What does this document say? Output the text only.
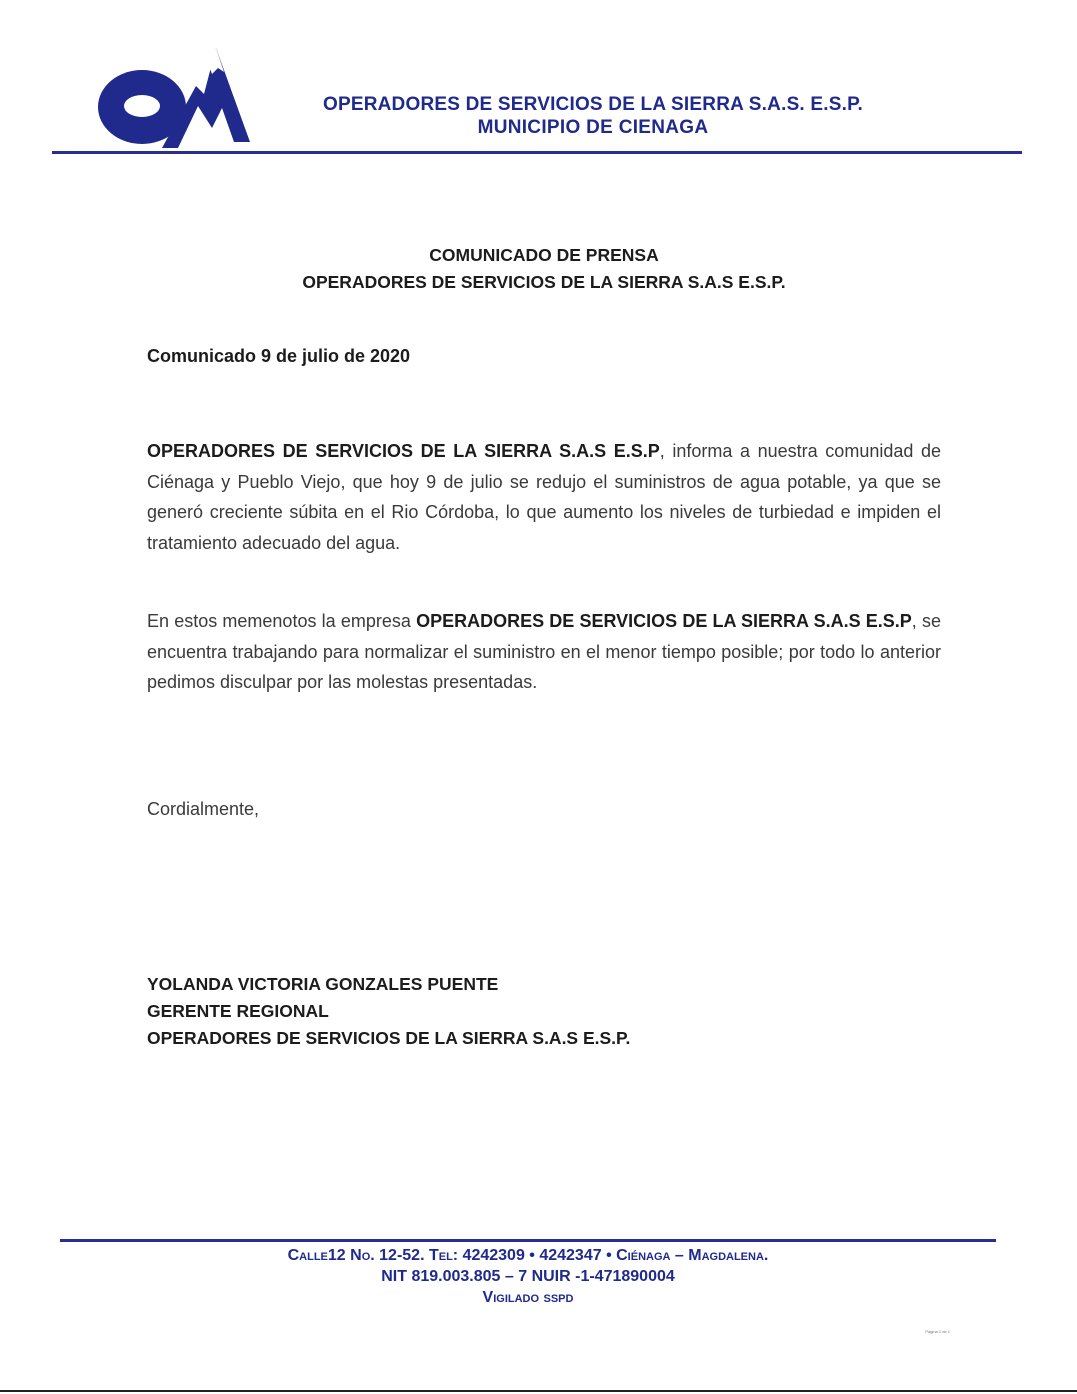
OPERADORES DE SERVICIOS DE LA SIERRA S.A.S. E.S.P.
MUNICIPIO DE CIENAGA
COMUNICADO DE PRENSA
OPERADORES DE SERVICIOS DE LA SIERRA S.A.S E.S.P.
Comunicado 9 de julio de 2020

OPERADORES DE SERVICIOS DE LA SIERRA S.A.S E.S.P, informa a nuestra comunidad de Ciénaga y Pueblo Viejo, que hoy 9 de julio se redujo el suministros de agua potable, ya que se generó creciente súbita en el Rio Córdoba, lo que aumento los niveles de turbiedad e impiden el tratamiento adecuado del agua.

En estos memenotos la empresa OPERADORES DE SERVICIOS DE LA SIERRA S.A.S E.S.P, se encuentra trabajando para normalizar el suministro en el menor tiempo posible; por todo lo anterior pedimos disculpar por las molestas presentadas.

Cordialmente,
YOLANDA VICTORIA GONZALES PUENTE
GERENTE REGIONAL
OPERADORES DE SERVICIOS DE LA SIERRA S.A.S E.S.P.
Calle12 No. 12-52. Tel: 4242309 • 4242347 • Ciénaga – Magdalena.
NIT 819.003.805 – 7 NUIR -1-471890004
Vigilado sspd
Página 1 de 1
